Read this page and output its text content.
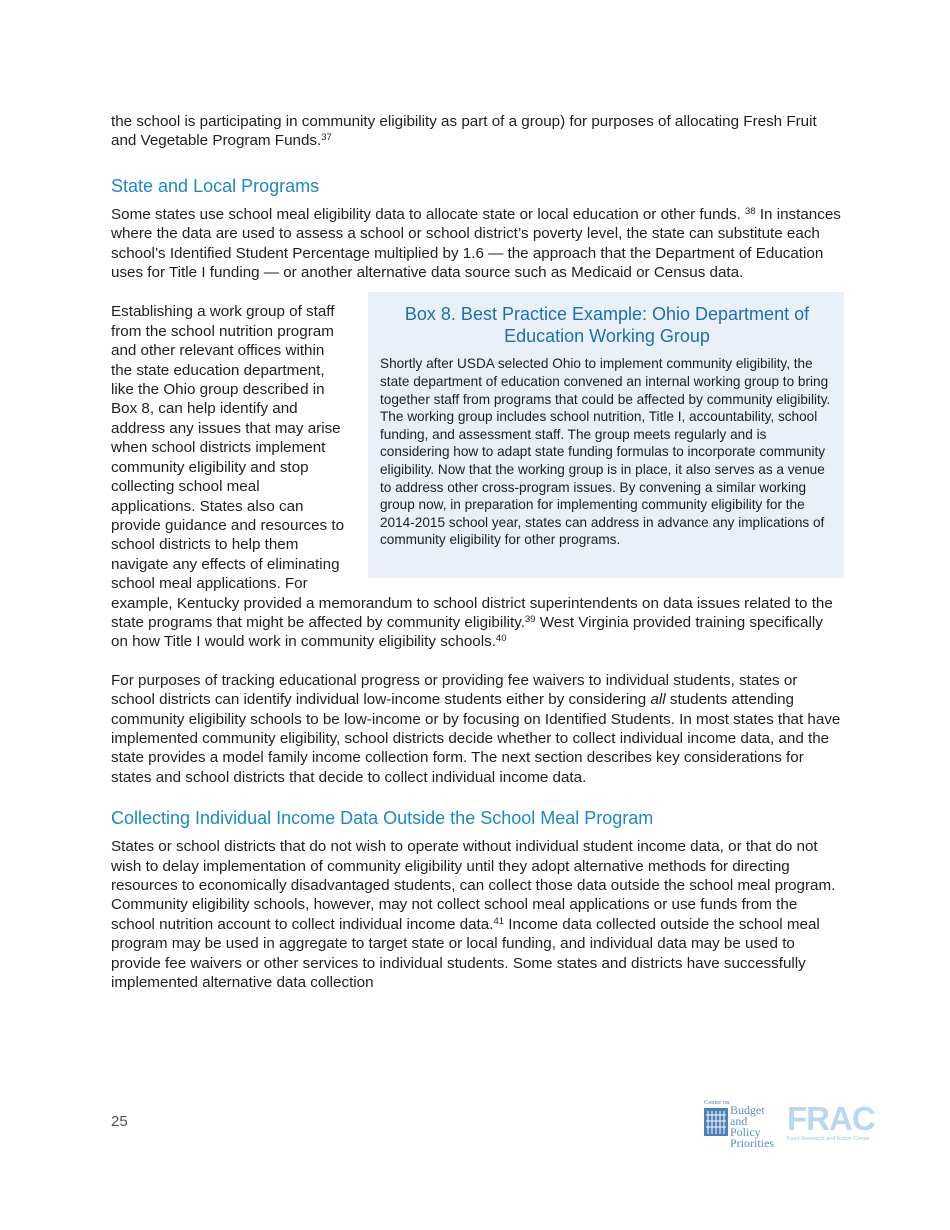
the school is participating in community eligibility as part of a group) for purposes of allocating Fresh Fruit and Vegetable Program Funds.$^{37}$

State and Local Programs

Some states use school meal eligibility data to allocate state or local education or other funds. $^{38}$ In instances where the data are used to assess a school or school district’s poverty level, the state can substitute each school’s Identified Student Percentage multiplied by 1.6 — the approach that the Department of Education uses for Title I funding — or another alternative data source such as Medicaid or Census data.

Box 8. Best Practice Example: Ohio Department of Education Working Group

Shortly after USDA selected Ohio to implement community eligibility, the state department of education convened an internal working group to bring together staff from programs that could be affected by community eligibility. The working group includes school nutrition, Title I, accountability, school funding, and assessment staff. The group meets regularly and is considering how to adapt state funding formulas to incorporate community eligibility. Now that the working group is in place, it also serves as a venue to address other cross-program issues. By convening a similar working group now, in preparation for implementing community eligibility for the 2014-2015 school year, states can address in advance any implications of community eligibility for other programs.

Establishing a work group of staff from the school nutrition program and other relevant offices within the state education department, like the Ohio group described in Box 8, can help identify and address any issues that may arise when school districts implement community eligibility and stop collecting school meal applications. States also can provide guidance and resources to school districts to help them navigate any effects of eliminating school meal applications. For example, Kentucky provided a memorandum to school district superintendents on data issues related to the state programs that might be affected by community eligibility.$^{39}$ West Virginia provided training specifically on how Title I would work in community eligibility schools.$^{40}$

For purposes of tracking educational progress or providing fee waivers to individual students, states or school districts can identify individual low-income students either by considering all students attending community eligibility schools to be low-income or by focusing on Identified Students. In most states that have implemented community eligibility, school districts decide whether to collect individual income data, and the state provides a model family income collection form. The next section describes key considerations for states and school districts that decide to collect individual income data.

Collecting Individual Income Data Outside the School Meal Program

States or school districts that do not wish to operate without individual student income data, or that do not wish to delay implementation of community eligibility until they adopt alternative methods for directing resources to economically disadvantaged students, can collect those data outside the school meal program. Community eligibility schools, however, may not collect school meal applications or use funds from the school nutrition account to collect individual income data.$^{41}$ Income data collected outside the school meal program may be used in aggregate to target state or local funding, and individual data may be used to provide fee waivers or other services to individual students. Some states and districts have successfully implemented alternative data collection

25
Center on
Budget
and Policy
Priorities
FRAC
Food Research and Action Center
